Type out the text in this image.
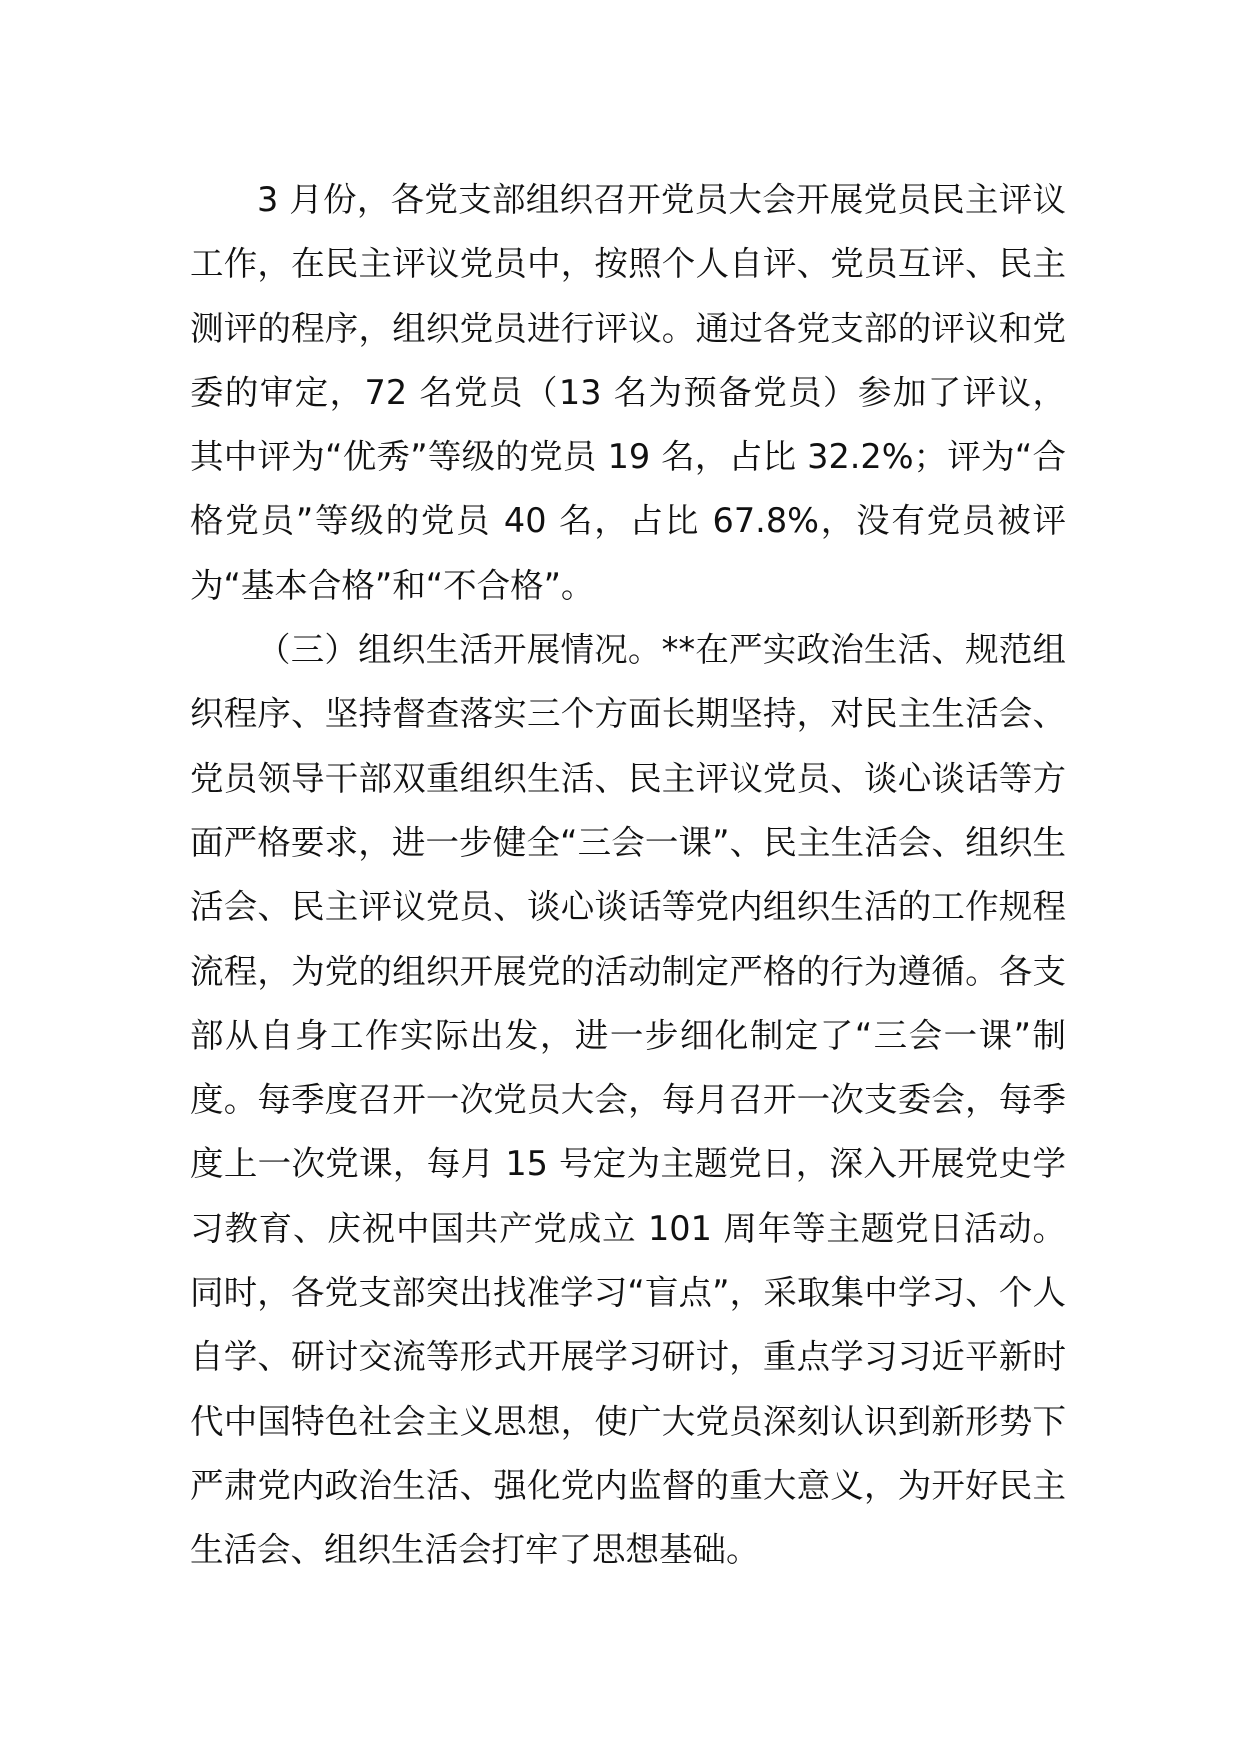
3 月份，各党支部组织召开党员大会开展党员民主评议工作，在民主评议党员中，按照个人自评、党员互评、民主测评的程序，组织党员进行评议。通过各党支部的评议和党委的审定，72 名党员（13 名为预备党员）参加了评议，其中评为“优秀”等级的党员 19 名，占比 32.2%；评为“合格党员”等级的党员 40 名，占比 67.8%，没有党员被评为“基本合格”和“不合格”。

（三）组织生活开展情况。**在严实政治生活、规范组织程序、坚持督查落实三个方面长期坚持，对民主生活会、党员领导干部双重组织生活、民主评议党员、谈心谈话等方面严格要求，进一步健全“三会一课”、民主生活会、组织生活会、民主评议党员、谈心谈话等党内组织生活的工作规程流程，为党的组织开展党的活动制定严格的行为遵循。各支部从自身工作实际出发，进一步细化制定了“三会一课”制度。每季度召开一次党员大会，每月召开一次支委会，每季度上一次党课，每月 15 号定为主题党日，深入开展党史学习教育、庆祝中国共产党成立 101 周年等主题党日活动。同时，各党支部突出找准学习“盲点”，采取集中学习、个人自学、研讨交流等形式开展学习研讨，重点学习习近平新时代中国特色社会主义思想，使广大党员深刻认识到新形势下严肃党内政治生活、强化党内监督的重大意义，为开好民主生活会、组织生活会打牢了思想基础。
